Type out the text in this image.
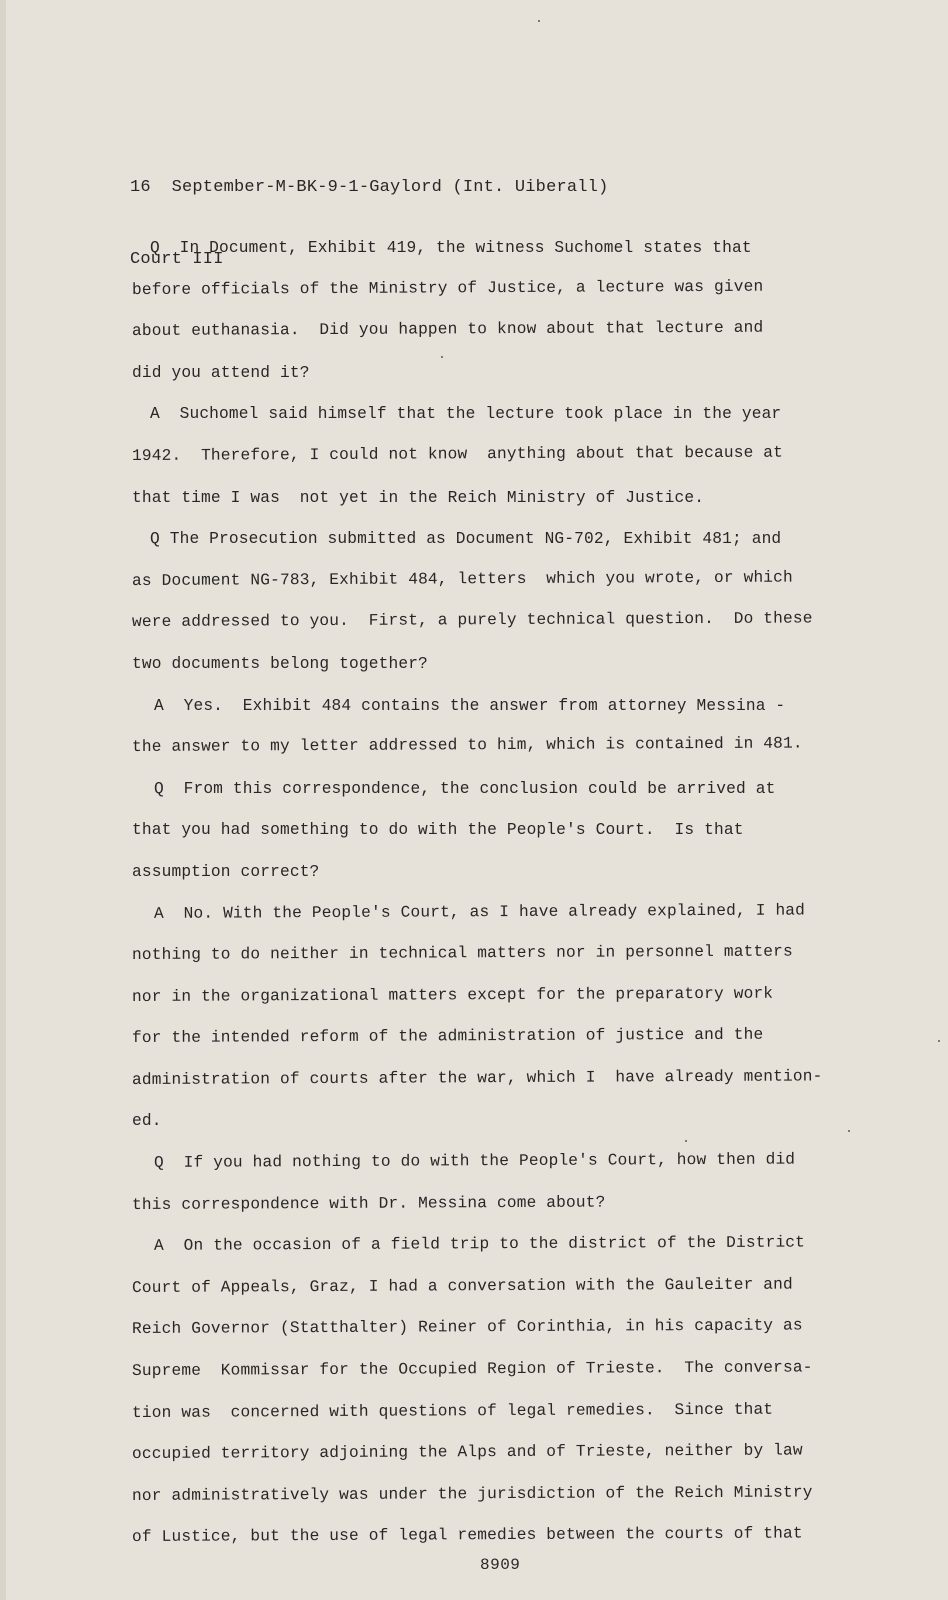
16  September-M-BK-9-1-Gaylord (Int. Uiberall)

Court III

Q  In Document, Exhibit 419, the witness Suchomel states that
before officials of the Ministry of Justice, a lecture was given
about euthanasia.  Did you happen to know about that lecture and
did you attend it?
A  Suchomel said himself that the lecture took place in the year
1942.  Therefore, I could not know  anything about that because at
that time I was  not yet in the Reich Ministry of Justice.
Q The Prosecution submitted as Document NG-702, Exhibit 481; and
as Document NG-783, Exhibit 484, letters  which you wrote, or which
were addressed to you.  First, a purely technical question.  Do these
two documents belong together?
A  Yes.  Exhibit 484 contains the answer from attorney Messina -
the answer to my letter addressed to him, which is contained in 481.
Q  From this correspondence, the conclusion could be arrived at
that you had something to do with the People's Court.  Is that
assumption correct?
A  No. With the People's Court, as I have already explained, I had
nothing to do neither in technical matters nor in personnel matters
nor in the organizational matters except for the preparatory work
for the intended reform of the administration of justice and the
administration of courts after the war, which I  have already mention-
ed.
Q  If you had nothing to do with the People's Court, how then did
this correspondence with Dr. Messina come about?
A  On the occasion of a field trip to the district of the District
Court of Appeals, Graz, I had a conversation with the Gauleiter and
Reich Governor (Statthalter) Reiner of Corinthia, in his capacity as
Supreme  Kommissar for the Occupied Region of Trieste.  The conversa-
tion was  concerned with questions of legal remedies.  Since that
occupied territory adjoining the Alps and of Trieste, neither by law
nor administratively was under the jurisdiction of the Reich Ministry
of Lustice, but the use of legal remedies between the courts of that
8909
